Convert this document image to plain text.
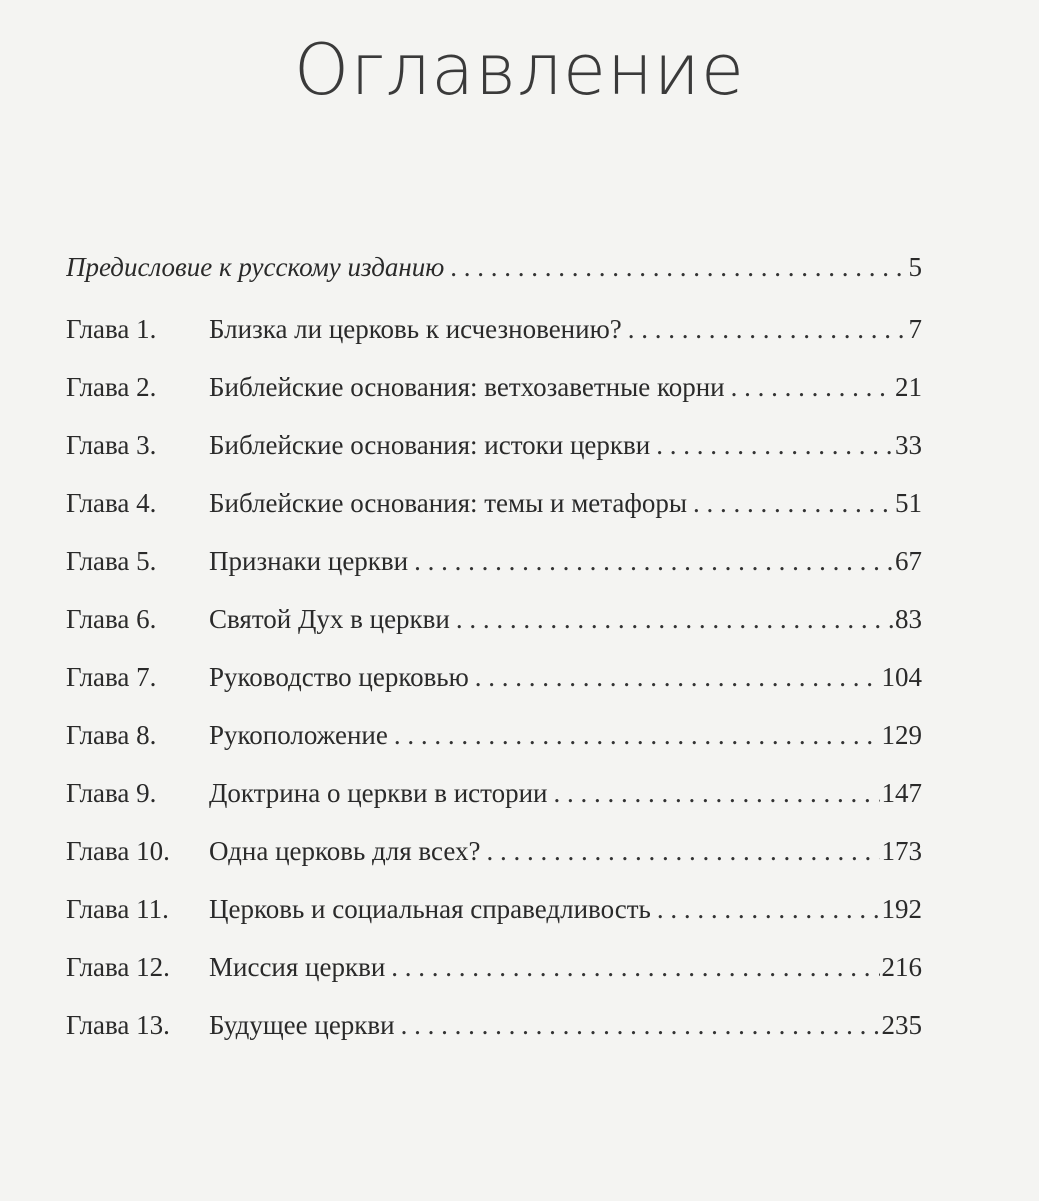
Оглавление
Предисловие к русскому изданию . . .	5
Глава 1.	Близка ли церковь к исчезновению? . . .	7
Глава 2.	Библейские основания: ветхозаветные корни . . .	21
Глава 3.	Библейские основания: истоки церкви . . .	33
Глава 4.	Библейские основания: темы и метафоры . . .	51
Глава 5.	Признаки церкви . . .	67
Глава 6.	Святой Дух в церкви . . .	83
Глава 7.	Руководство церковью . . .	104
Глава 8.	Рукоположение . . .	129
Глава 9.	Доктрина о церкви в истории . . .	147
Глава 10.	Одна церковь для всех? . . .	173
Глава 11.	Церковь и социальная справедливость . . .	192
Глава 12.	Миссия церкви . . .	216
Глава 13.	Будущее церкви . . .	235
